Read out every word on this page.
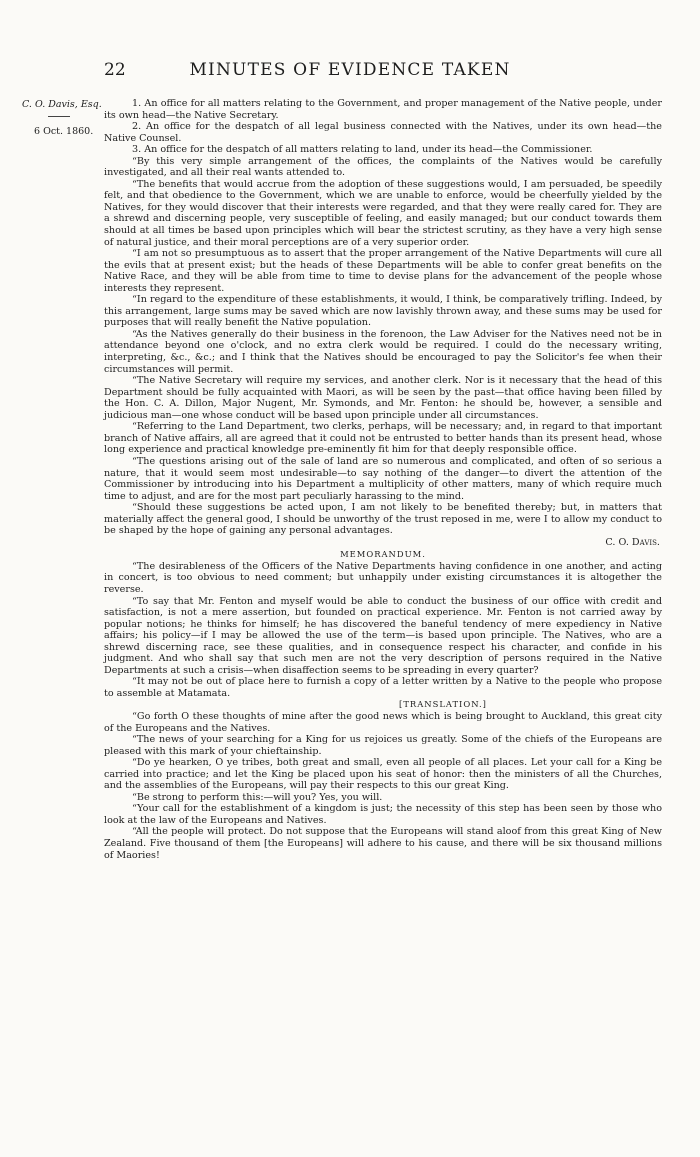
22	MINUTES OF EVIDENCE TAKEN
C. O. Davis, Esq.
6 Oct. 1860.

1. An office for all matters relating to the Government, and proper management of the Native people, under its own head—the Native Secretary.

2. An office for the despatch of all legal business connected with the Natives, under its own head—the Native Counsel.

3. An office for the despatch of all matters relating to land, under its head—the Commissioner.

“By this very simple arrangement of the offices, the complaints of the Natives would be carefully investigated, and all their real wants attended to.

“The benefits that would accrue from the adoption of these suggestions would, I am persuaded, be speedily felt, and that obedience to the Government, which we are unable to enforce, would be cheerfully yielded by the Natives, for they would discover that their interests were regarded, and that they were really cared for. They are a shrewd and discerning people, very susceptible of feeling, and easily managed; but our conduct towards them should at all times be based upon principles which will bear the strictest scrutiny, as they have a very high sense of natural justice, and their moral perceptions are of a very superior order.

“I am not so presumptuous as to assert that the proper arrangement of the Native Departments will cure all the evils that at present exist; but the heads of these Departments will be able to confer great benefits on the Native Race, and they will be able from time to time to devise plans for the advancement of the people whose interests they represent.

“In regard to the expenditure of these establishments, it would, I think, be comparatively trifling. Indeed, by this arrangement, large sums may be saved which are now lavishly thrown away, and these sums may be used for purposes that will really benefit the Native population.

“As the Natives generally do their business in the forenoon, the Law Adviser for the Natives need not be in attendance beyond one o'clock, and no extra clerk would be required. I could do the necessary writing, interpreting, &c., &c.; and I think that the Natives should be encouraged to pay the Solicitor's fee when their circumstances will permit.

“The Native Secretary will require my services, and another clerk. Nor is it necessary that the head of this Department should be fully acquainted with Maori, as will be seen by the past—that office having been filled by the Hon. C. A. Dillon, Major Nugent, Mr. Symonds, and Mr. Fenton: he should be, however, a sensible and judicious man—one whose conduct will be based upon principle under all circumstances.

“Referring to the Land Department, two clerks, perhaps, will be necessary; and, in regard to that important branch of Native affairs, all are agreed that it could not be entrusted to better hands than its present head, whose long experience and practical knowledge pre-eminently fit him for that deeply responsible office.

“The questions arising out of the sale of land are so numerous and complicated, and often of so serious a nature, that it would seem most undesirable—to say nothing of the danger—to divert the attention of the Commissioner by introducing into his Department a multiplicity of other matters, many of which require much time to adjust, and are for the most part peculiarly harassing to the mind.

“Should these suggestions be acted upon, I am not likely to be benefited thereby; but, in matters that materially affect the general good, I should be unworthy of the trust reposed in me, were I to allow my conduct to be shaped by the hope of gaining any personal advantages.

C. O. Davis.

MEMORANDUM.

“The desirableness of the Officers of the Native Departments having confidence in one another, and acting in concert, is too obvious to need comment; but unhappily under existing circumstances it is altogether the reverse.

“To say that Mr. Fenton and myself would be able to conduct the business of our office with credit and satisfaction, is not a mere assertion, but founded on practical experience. Mr. Fenton is not carried away by popular notions; he thinks for himself; he has discovered the baneful tendency of mere expediency in Native affairs; his policy—if I may be allowed the use of the term—is based upon principle. The Natives, who are a shrewd discerning race, see these qualities, and in consequence respect his character, and confide in his judgment. And who shall say that such men are not the very description of persons required in the Native Departments at such a crisis—when disaffection seems to be spreading in every quarter?

“It may not be out of place here to furnish a copy of a letter written by a Native to the people who propose to assemble at Matamata.

[TRANSLATION.]

“Go forth O these thoughts of mine after the good news which is being brought to Auckland, this great city of the Europeans and the Natives.

“The news of your searching for a King for us rejoices us greatly. Some of the chiefs of the Europeans are pleased with this mark of your chieftainship.

“Do ye hearken, O ye tribes, both great and small, even all people of all places. Let your call for a King be carried into practice; and let the King be placed upon his seat of honor: then the ministers of all the Churches, and the assemblies of the Europeans, will pay their respects to this our great King.

“Be strong to perform this:—will you? Yes, you will.

“Your call for the establishment of a kingdom is just; the necessity of this step has been seen by those who look at the law of the Europeans and Natives.

“All the people will protect. Do not suppose that the Europeans will stand aloof from this great King of New Zealand. Five thousand of them [the Europeans] will adhere to his cause, and there will be six thousand millions of Maories!
